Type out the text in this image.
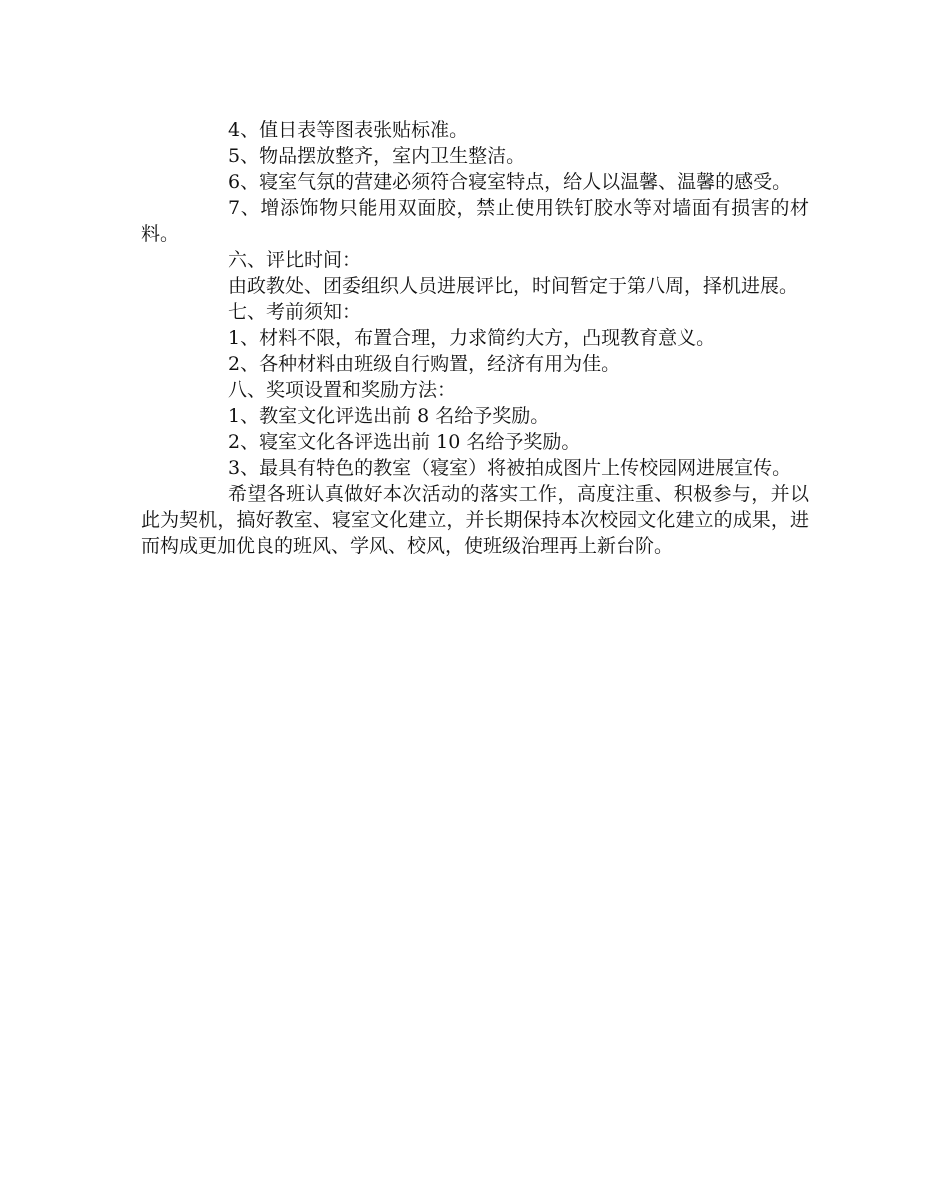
4、值日表等图表张贴标准。

5、物品摆放整齐，室内卫生整洁。

6、寝室气氛的营建必须符合寝室特点，给人以温馨、温馨的感受。

7、增添饰物只能用双面胶，禁止使用铁钉胶水等对墙面有损害的材料。

六、评比时间：

由政教处、团委组织人员进展评比，时间暂定于第八周，择机进展。

七、考前须知：

1、材料不限，布置合理，力求简约大方，凸现教育意义。

2、各种材料由班级自行购置，经济有用为佳。

八、奖项设置和奖励方法：

1、教室文化评选出前 8 名给予奖励。

2、寝室文化各评选出前 10 名给予奖励。

3、最具有特色的教室（寝室）将被拍成图片上传校园网进展宣传。

希望各班认真做好本次活动的落实工作，高度注重、积极参与，并以此为契机，搞好教室、寝室文化建立，并长期保持本次校园文化建立的成果，进而构成更加优良的班风、学风、校风，使班级治理再上新台阶。
